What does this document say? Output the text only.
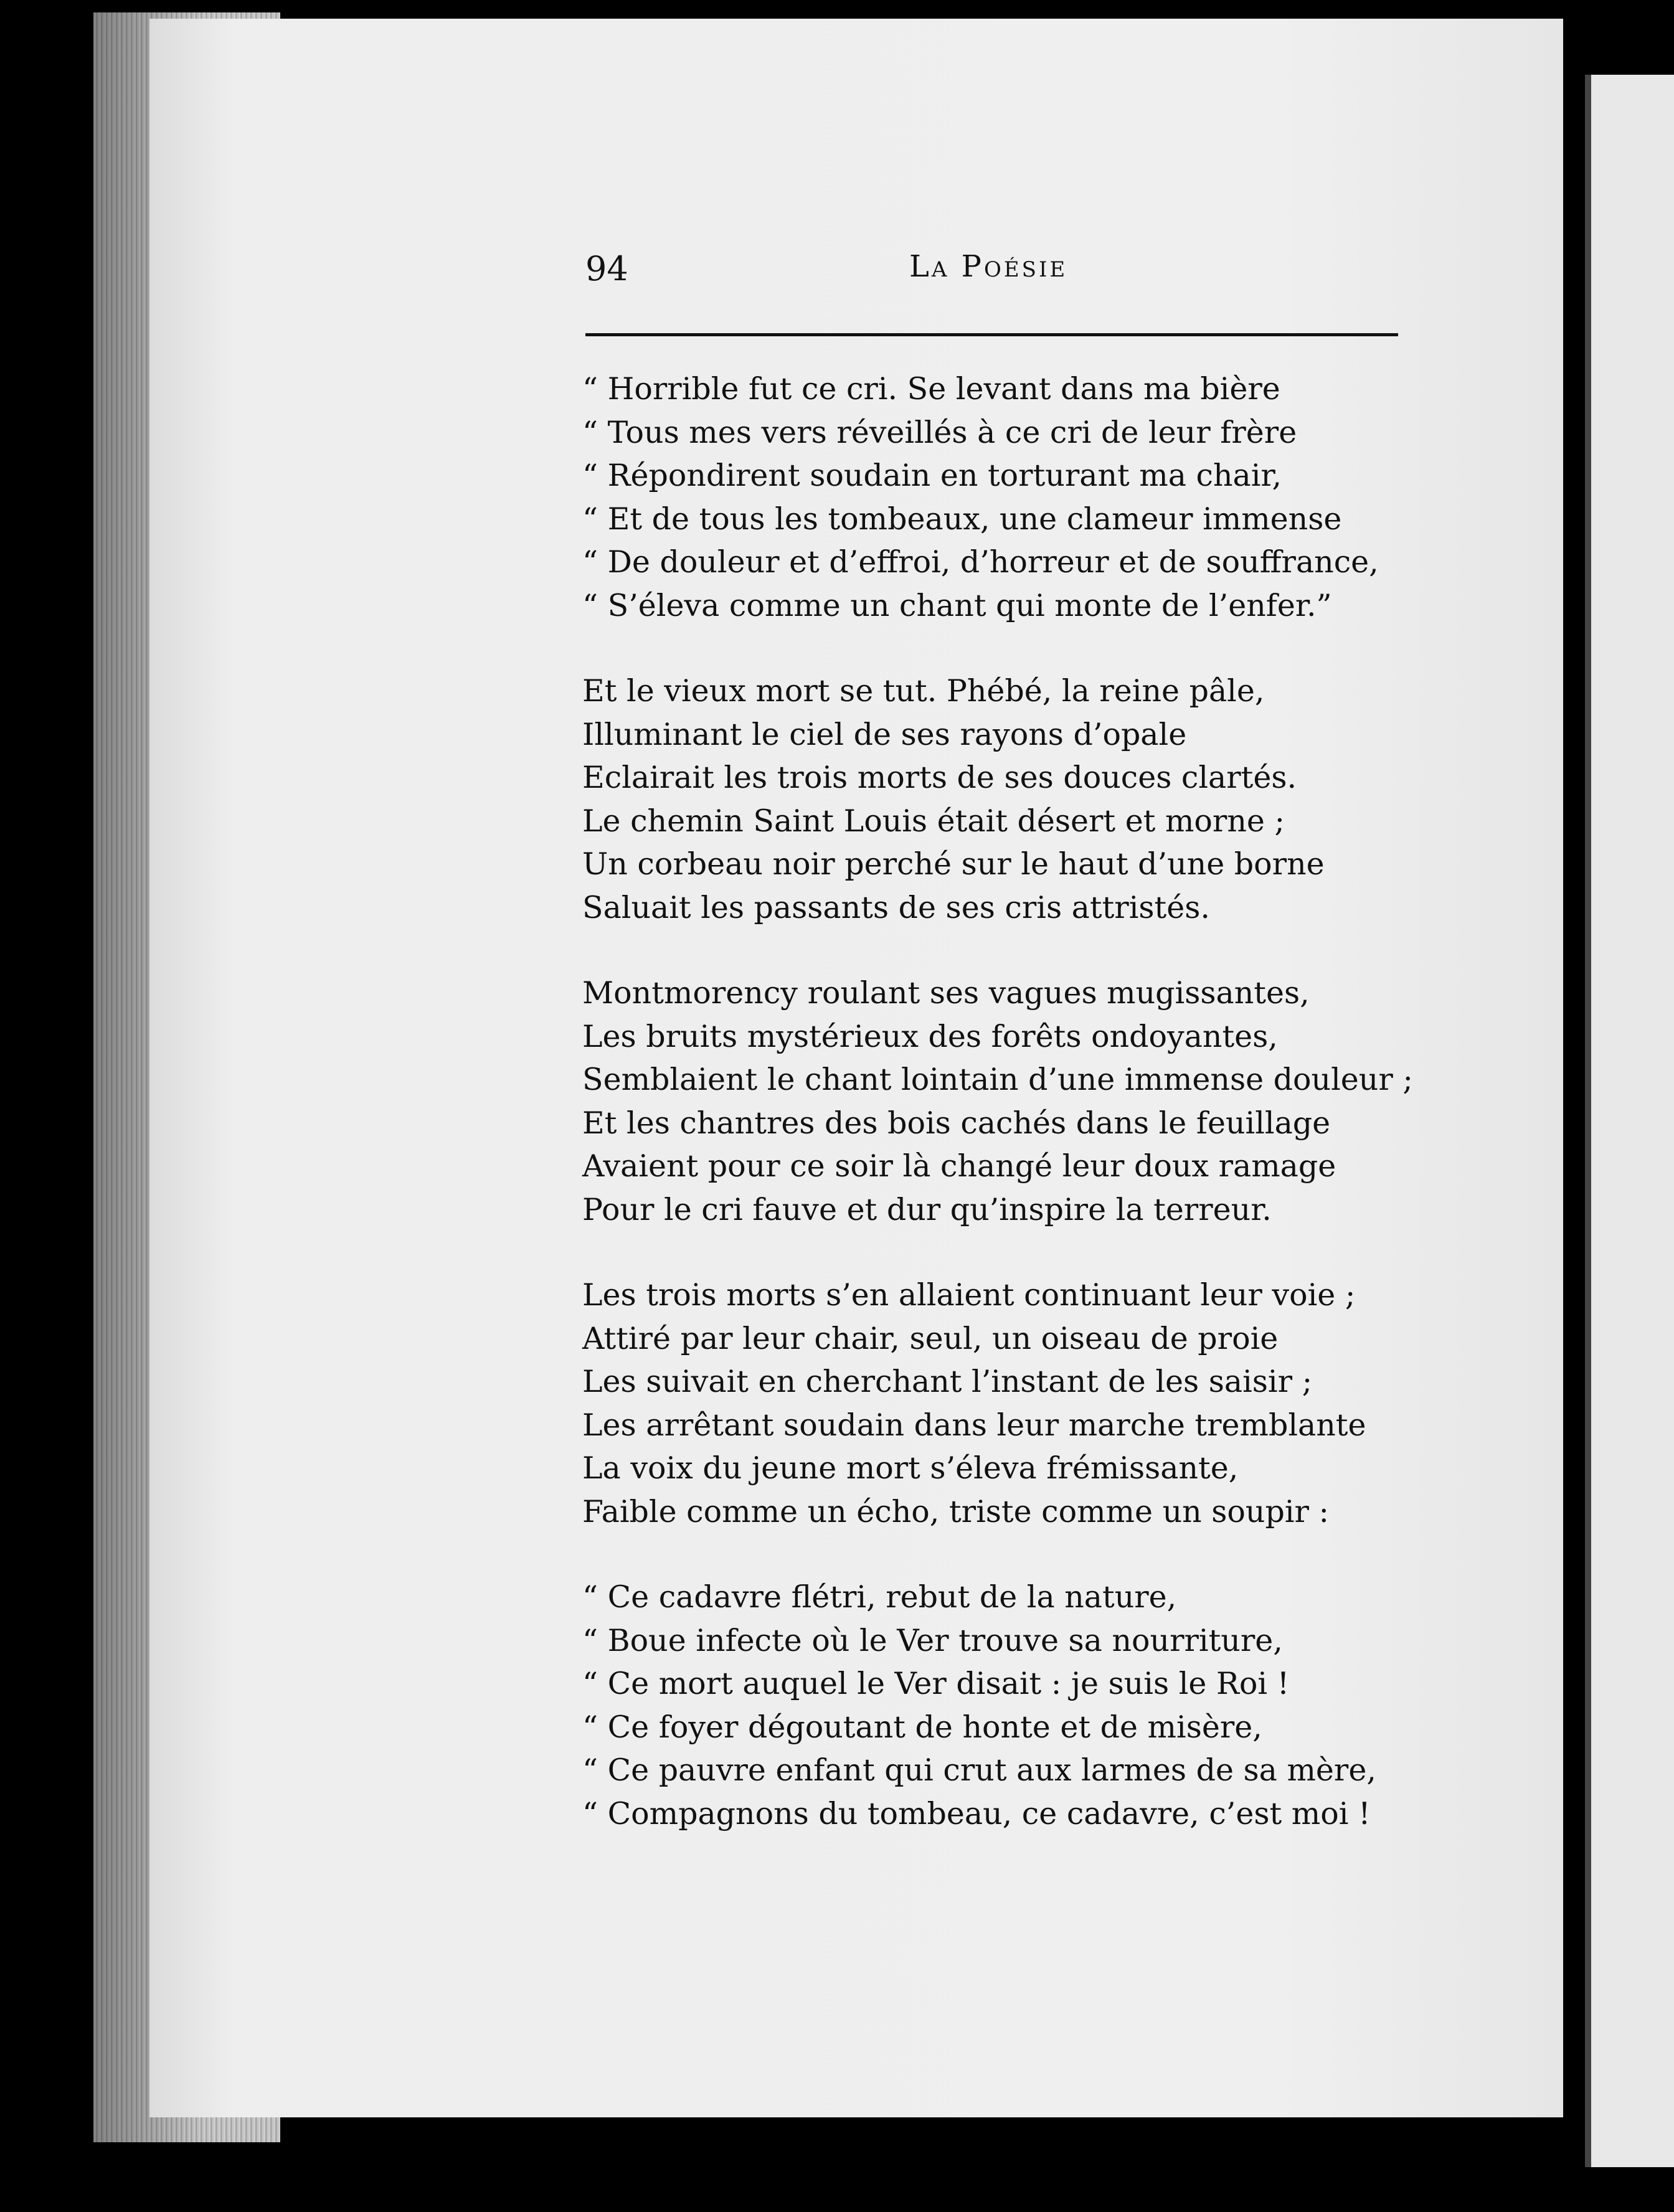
94	La Poésie
“ Horrible fut ce cri. Se levant dans ma bière
“ Tous mes vers réveillés à ce cri de leur frère
“ Répondirent soudain en torturant ma chair,
“ Et de tous les tombeaux, une clameur immense
“ De douleur et d’effroi, d’horreur et de souffrance,
“ S’éleva comme un chant qui monte de l’enfer.”
Et le vieux mort se tut. Phébé, la reine pâle,
Illuminant le ciel de ses rayons d’opale
Eclairait les trois morts de ses douces clartés.
Le chemin Saint Louis était désert et morne ;
Un corbeau noir perché sur le haut d’une borne
Saluait les passants de ses cris attristés.
Montmorency roulant ses vagues mugissantes,
Les bruits mystérieux des forêts ondoyantes,
Semblaient le chant lointain d’une immense douleur ;
Et les chantres des bois cachés dans le feuillage
Avaient pour ce soir là changé leur doux ramage
Pour le cri fauve et dur qu’inspire la terreur.
Les trois morts s’en allaient continuant leur voie ;
Attiré par leur chair, seul, un oiseau de proie
Les suivait en cherchant l’instant de les saisir ;
Les arrêtant soudain dans leur marche tremblante
La voix du jeune mort s’éleva frémissante,
Faible comme un écho, triste comme un soupir :
“ Ce cadavre flétri, rebut de la nature,
“ Boue infecte où le Ver trouve sa nourriture,
“ Ce mort auquel le Ver disait : je suis le Roi !
“ Ce foyer dégoutant de honte et de misère,
“ Ce pauvre enfant qui crut aux larmes de sa mère,
“ Compagnons du tombeau, ce cadavre, c’est moi !
